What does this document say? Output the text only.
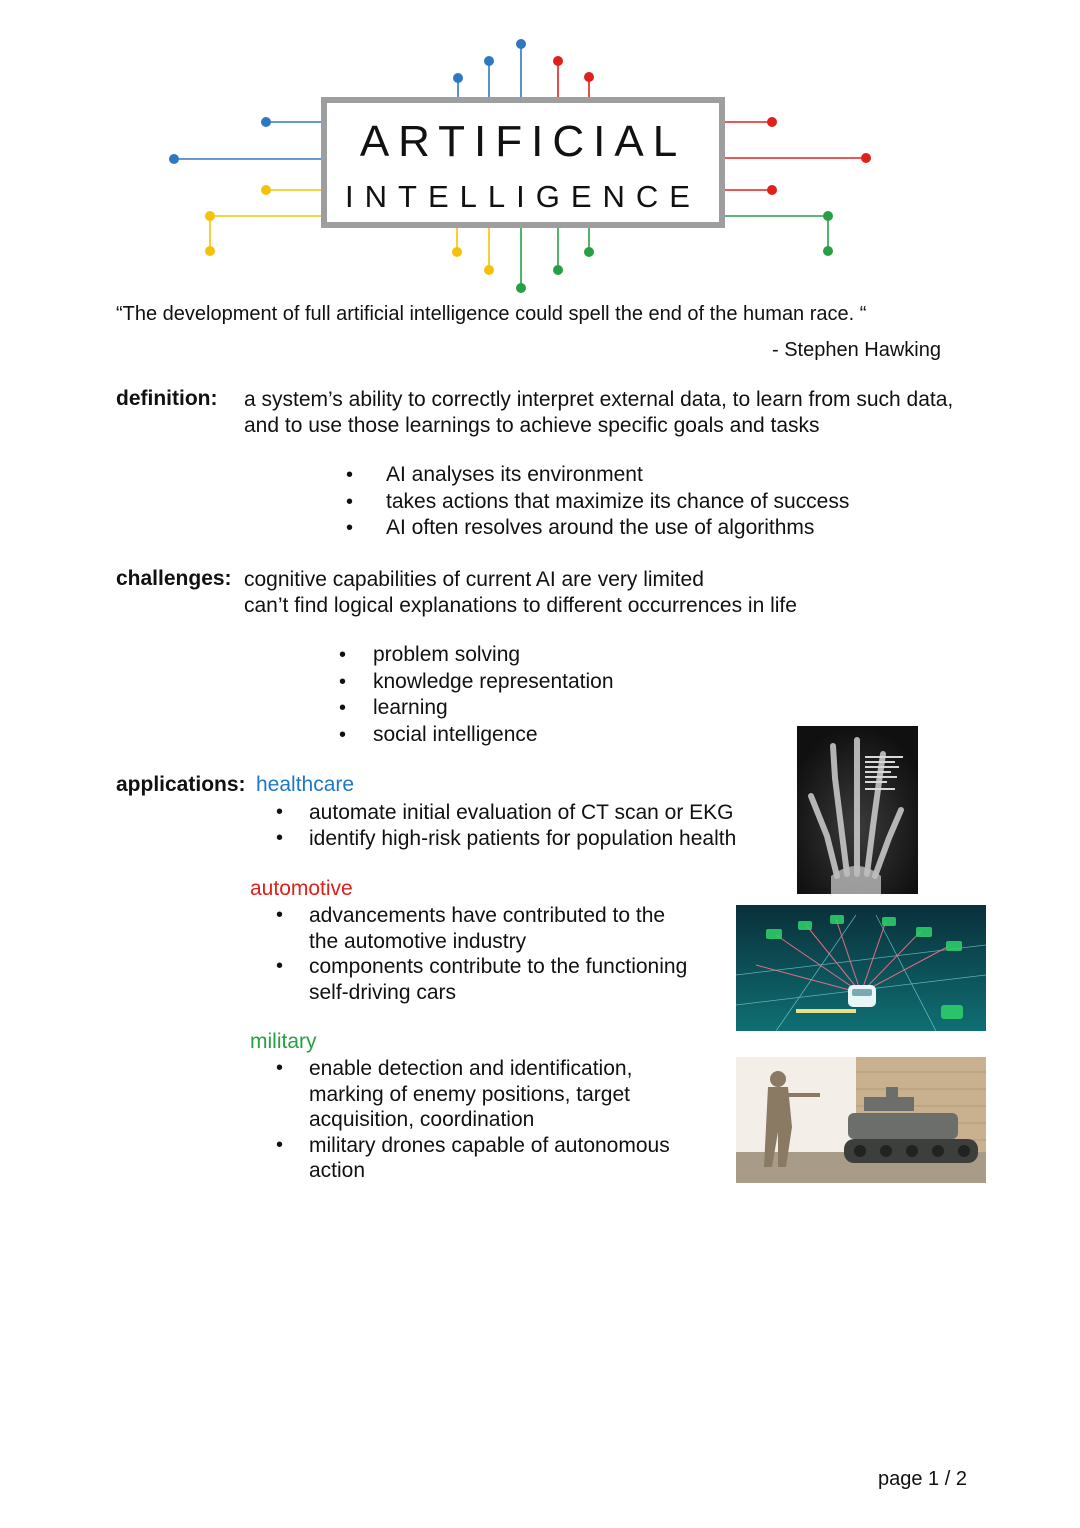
ARTIFICIAL
INTELLIGENCE
“The development of full artificial intelligence could spell the end of the human race. “
- Stephen Hawking
definition: a system’s ability to correctly interpret external data, to learn from such data,
and to use those learnings to achieve specific goals and tasks
• AI analyses its environment
• takes actions that maximize its chance of success
• AI often resolves around the use of algorithms
challenges: cognitive capabilities of current AI are very limited
can’t find logical explanations to different occurrences in life
• problem solving
• knowledge representation
• learning
• social intelligence
applications: healthcare
• automate initial evaluation of CT scan or EKG
• identify high-risk patients for population health
automotive
• advancements have contributed to the
the automotive industry
• components contribute to the functioning
self-driving cars
military
• enable detection and identification,
marking of enemy positions, target
acquisition, coordination
• military drones capable of autonomous
action
page 1 / 2
